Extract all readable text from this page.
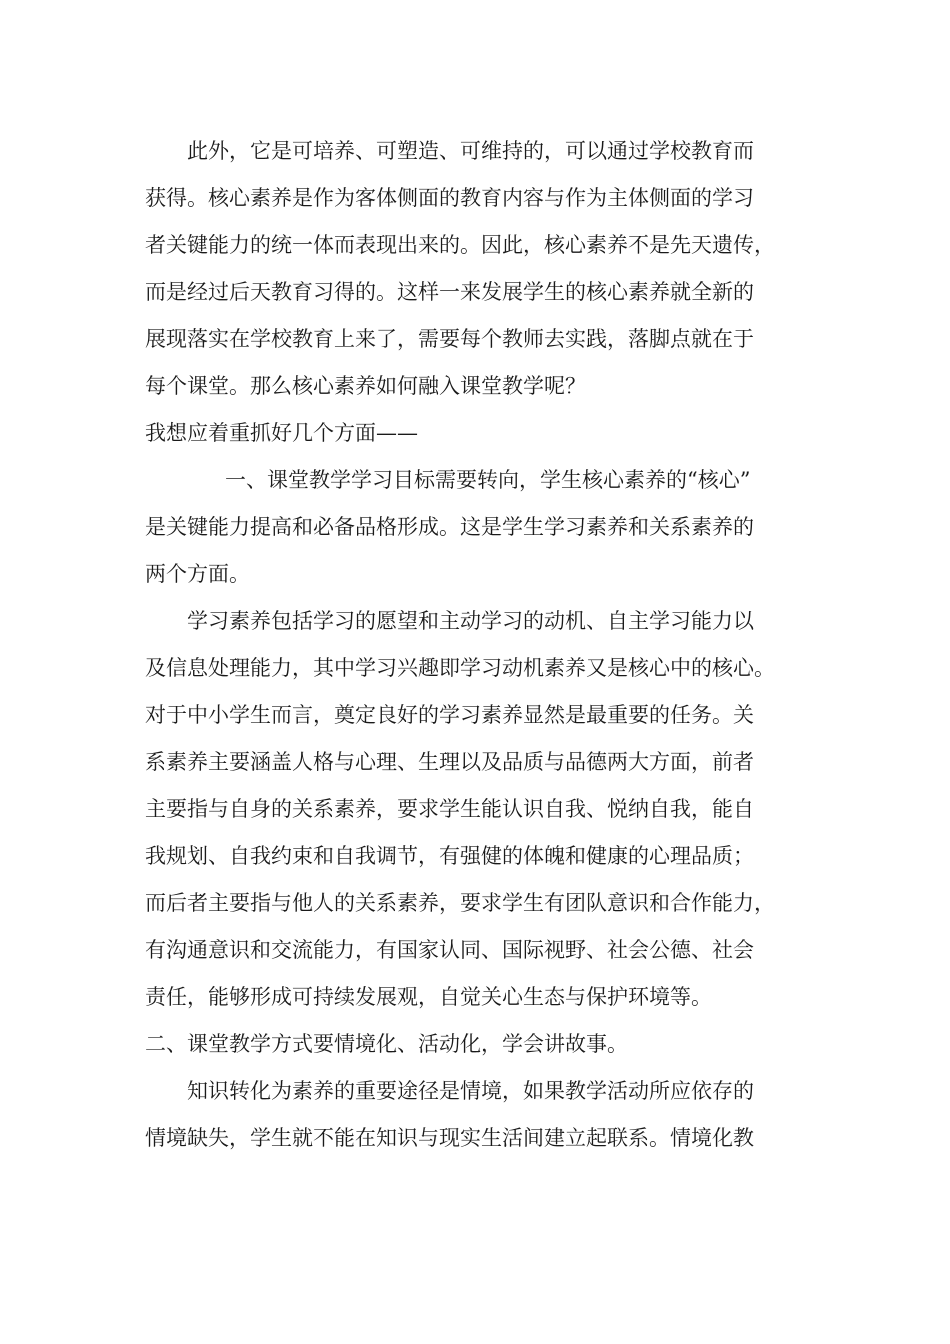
此外，它是可培养、可塑造、可维持的，可以通过学校教育而
获得。核心素养是作为客体侧面的教育内容与作为主体侧面的学习
者关键能力的统一体而表现出来的。因此，核心素养不是先天遗传，
而是经过后天教育习得的。这样一来发展学生的核心素养就全新的
展现落实在学校教育上来了，需要每个教师去实践，落脚点就在于
每个课堂。那么核心素养如何融入课堂教学呢？
我想应着重抓好几个方面——
一、课堂教学学习目标需要转向，学生核心素养的“核心”
是关键能力提高和必备品格形成。这是学生学习素养和关系素养的
两个方面。
学习素养包括学习的愿望和主动学习的动机、自主学习能力以
及信息处理能力，其中学习兴趣即学习动机素养又是核心中的核心。
对于中小学生而言，奠定良好的学习素养显然是最重要的任务。关
系素养主要涵盖人格与心理、生理以及品质与品德两大方面，前者
主要指与自身的关系素养，要求学生能认识自我、悦纳自我，能自
我规划、自我约束和自我调节，有强健的体魄和健康的心理品质；
而后者主要指与他人的关系素养，要求学生有团队意识和合作能力，
有沟通意识和交流能力，有国家认同、国际视野、社会公德、社会
责任，能够形成可持续发展观，自觉关心生态与保护环境等。
二、课堂教学方式要情境化、活动化，学会讲故事。
知识转化为素养的重要途径是情境，如果教学活动所应依存的
情境缺失，学生就不能在知识与现实生活间建立起联系。情境化教
